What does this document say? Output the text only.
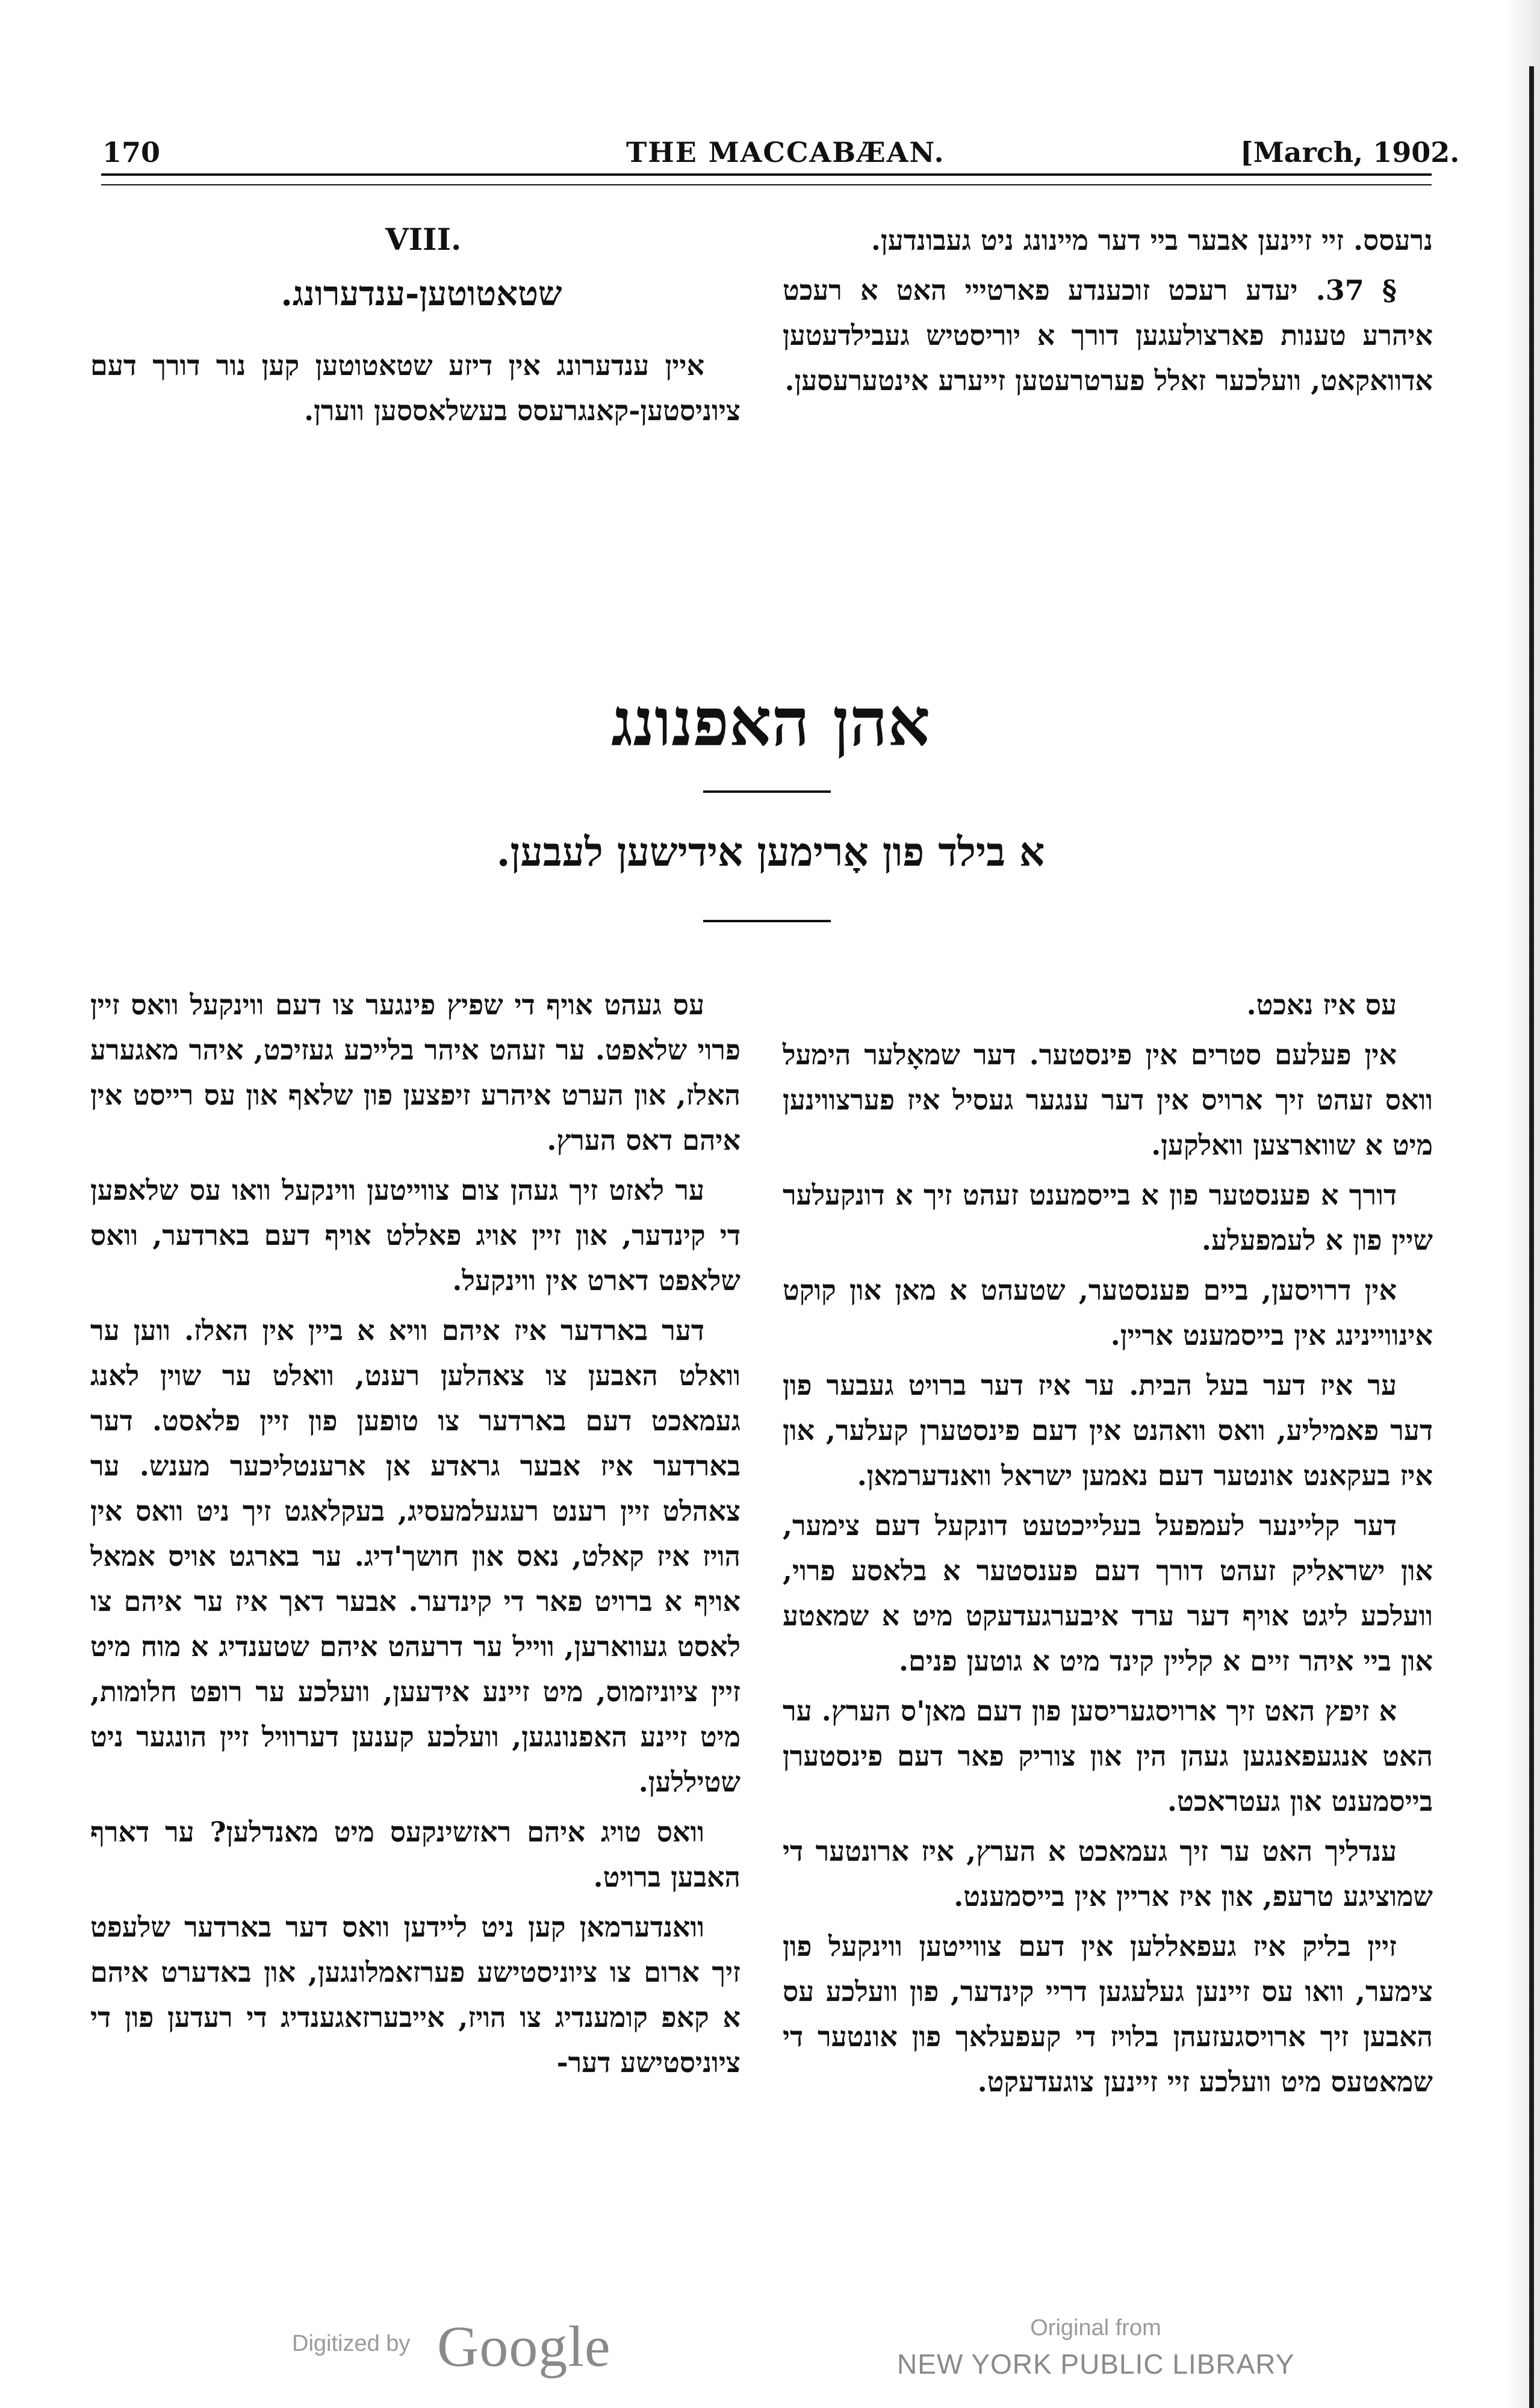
170	THE MACCABÆAN.	[March, 1902.

נרעסס. זיי זיינען אבער ביי דער מיינונג ניט געבונדען.

§ 37. יעדע רעכט זוכענדע פארטייי האט א רעכט איהרע טענות פארצולעגען דורך א יוריסטיש געבילדעטען אדוואקאט, וועלכער זאלל פערטרעטען זייערע אינטערעסען.

VIII.
שטאטוטען-ענדערונג.

איין ענדערונג אין דיזע שטאטוטען קען נור דורך דעם ציוניסטען-קאנגרעסס בעשלאססען ווערן.

אהן האפנונג
א בילד פון אָרימען אידישען לעבען.

עס איז נאכט.

אין פעלעם סטרים אין פינסטער. דער שמאָלער הימעל וואס זעהט זיך ארויס אין דער ענגער געסיל איז פערצווינען מיט א שווארצען וואלקען.

דורך א פענסטער פון א בייסמענט זעהט זיך א דונקעלער שיין פון א לעמפעלע.

אין דרויסען, ביים פענסטער, שטעהט א מאן און קוקט אינוויינינג אין בייסמענט אריין.

ער איז דער בעל הבית. ער איז דער ברויט געבער פון דער פאמיליע, וואס וואהנט אין דעם פינסטערן קעלער, און איז בעקאנט אונטער דעם נאמען ישראל וואנדערמאן.

דער קליינער לעמפעל בעלייכטעט דונקעל דעם צימער, און ישראליק זעהט דורך דעם פענסטער א בלאסע פרוי, וועלכע ליגט אויף דער ערד איבערגעדעקט מיט א שמאטע און ביי איהר זיים א קליין קינד מיט א גוטען פנים.

א זיפץ האט זיך ארויסגעריסען פון דעם מאן'ס הערץ. ער האט אנגעפאנגען געהן הין און צוריק פאר דעם פינסטערן בייסמענט און געטראכט.

ענדליך האט ער זיך געמאכט א הערץ, איז ארונטער די שמוציגע טרעפ, און איז אריין אין בייסמענט.

זיין בליק איז געפאללען אין דעם צווייטען ווינקעל פון צימער, וואו עס זיינען געלעגען דריי קינדער, פון וועלכע עס האבען זיך ארויסגעזעהן בלויז די קעפעלאך פון אונטער די שמאטעס מיט וועלכע זיי זיינען צוגעדעקט.

עס געהט אויף די שפיץ פינגער צו דעם ווינקעל וואס זיין פרוי שלאפט. ער זעהט איהר בלייכע געזיכט, איהר מאגערע האלז, און הערט איהרע זיפצען פון שלאף און עס רייסט אין איהם דאס הערץ.

ער לאזט זיך געהן צום צווייטען ווינקעל וואו עס שלאפען די קינדער, און זיין אויג פאללט אויף דעם בארדער, וואס שלאפט דארט אין ווינקעל.

דער בארדער איז איהם וויא א ביין אין האלז. ווען ער וואלט האבען צו צאהלען רענט, וואלט ער שוין לאנג געמאכט דעם בארדער צו טופען פון זיין פלאסט. דער בארדער איז אבער גראדע אן ארענטליכער מענש. ער צאהלט זיין רענט רעגעלמעסיג, בעקלאגט זיך ניט וואס אין הויז איז קאלט, נאס און חושך'דיג. ער בארגט אויס אמאל אויף א ברויט פאר די קינדער. אבער דאך איז ער איהם צו לאסט געווארען, ווייל ער דרעהט איהם שטענדיג א מוח מיט זיין ציוניזמוס, מיט זיינע אידעען, וועלכע ער רופט חלומות, מיט זיינע האפנונגען, וועלכע קענען דערוויל זיין הונגער ניט שטיללען.

וואס טויג איהם ראזשינקעס מיט מאנדלען? ער דארף האבען ברויט.

וואנדערמאן קען ניט ליידען וואס דער בארדער שלעפט זיך ארום צו ציוניסטישע פערזאמלונגען, און באדערט איהם א קאפ קומענדיג צו הויז, אייבערזאגענדיג די רעדען פון די ציוניסטישע דער-

Digitized by Google	Original from
NEW YORK PUBLIC LIBRARY
